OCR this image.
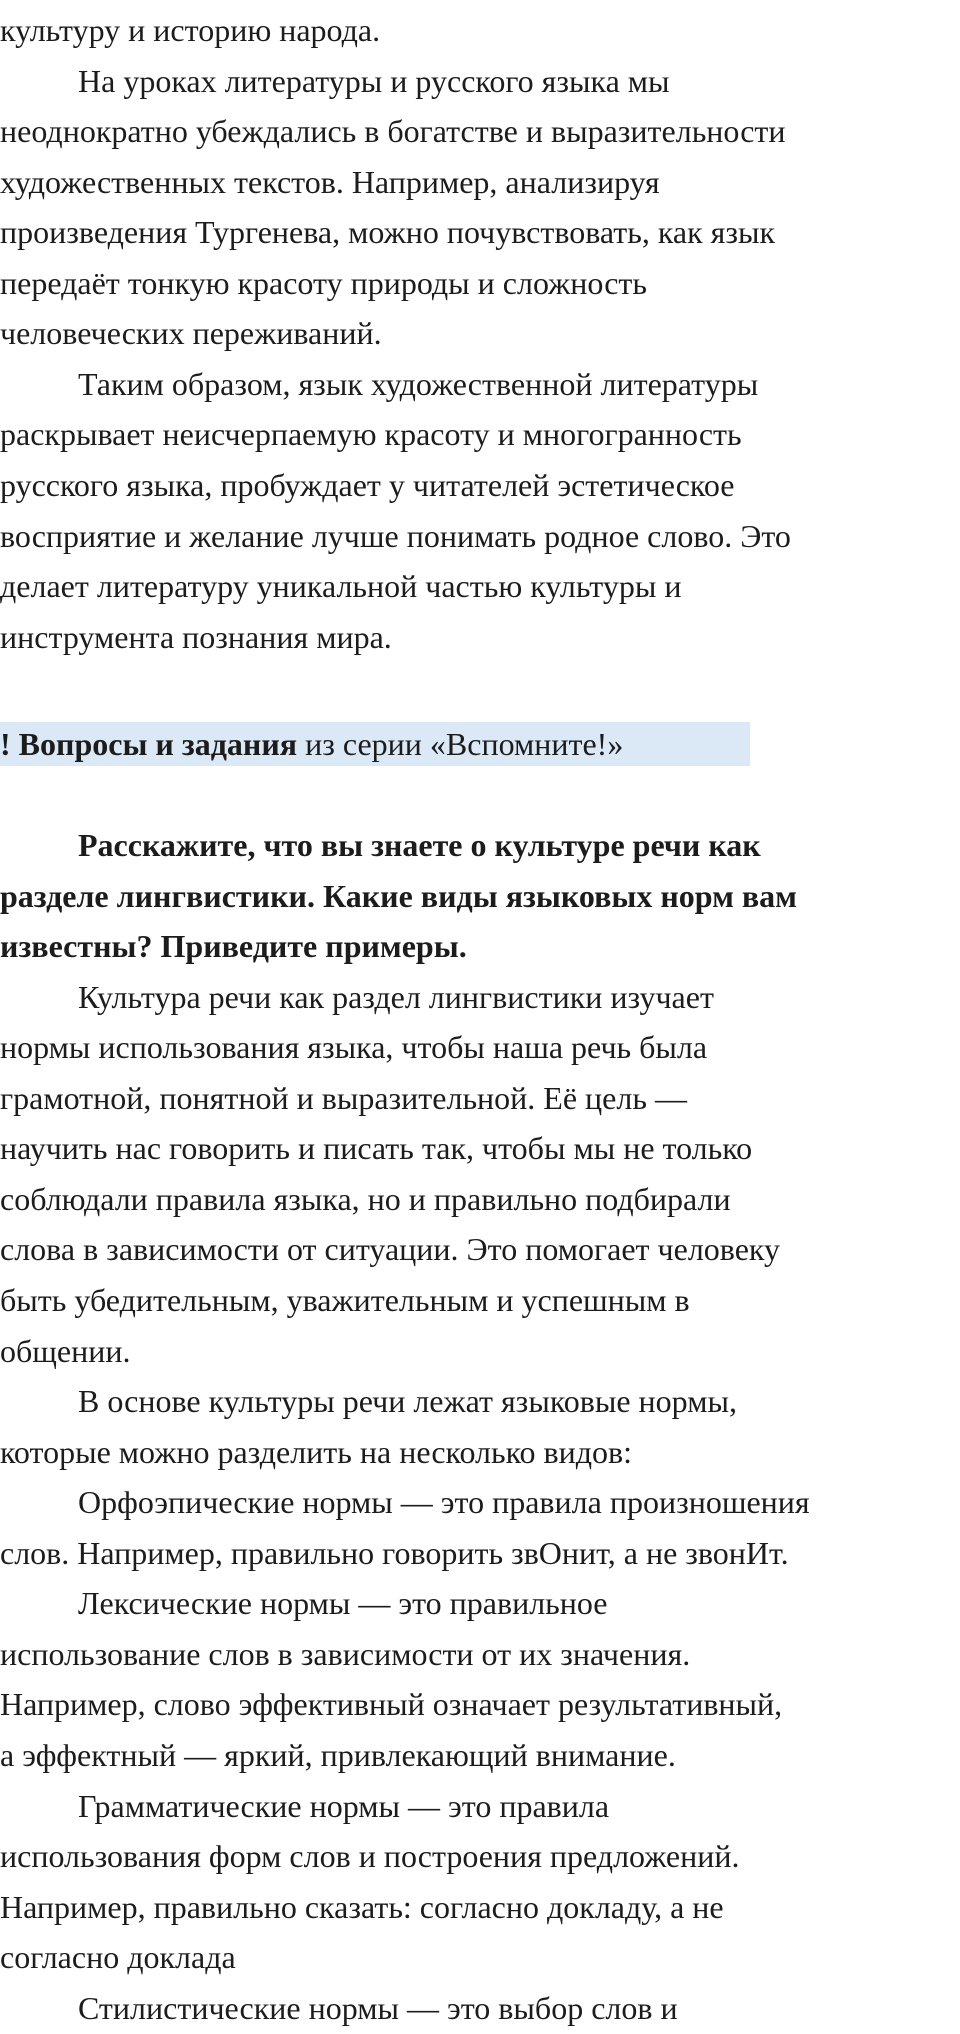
культуру и историю народа.
На уроках литературы и русского языка мы
неоднократно убеждались в богатстве и выразительности
художественных текстов. Например, анализируя
произведения Тургенева, можно почувствовать, как язык
передаёт тонкую красоту природы и сложность
человеческих переживаний.
Таким образом, язык художественной литературы
раскрывает неисчерпаемую красоту и многогранность
русского языка, пробуждает у читателей эстетическое
восприятие и желание лучше понимать родное слово. Это
делает литературу уникальной частью культуры и
инструмента познания мира.
! Вопросы и задания из серии «Вспомните!»
Расскажите, что вы знаете о культуре речи как
разделе лингвистики. Какие виды языковых норм вам
известны? Приведите примеры.
Культура речи как раздел лингвистики изучает
нормы использования языка, чтобы наша речь была
грамотной, понятной и выразительной. Её цель —
научить нас говорить и писать так, чтобы мы не только
соблюдали правила языка, но и правильно подбирали
слова в зависимости от ситуации. Это помогает человеку
быть убедительным, уважительным и успешным в
общении.
В основе культуры речи лежат языковые нормы,
которые можно разделить на несколько видов:
Орфоэпические нормы — это правила произношения
слов. Например, правильно говорить звОнит, а не звонИт.
Лексические нормы — это правильное
использование слов в зависимости от их значения.
Например, слово эффективный означает результативный,
а эффектный — яркий, привлекающий внимание.
Грамматические нормы — это правила
использования форм слов и построения предложений.
Например, правильно сказать: согласно докладу, а не
согласно доклада
Стилистические нормы — это выбор слов и
